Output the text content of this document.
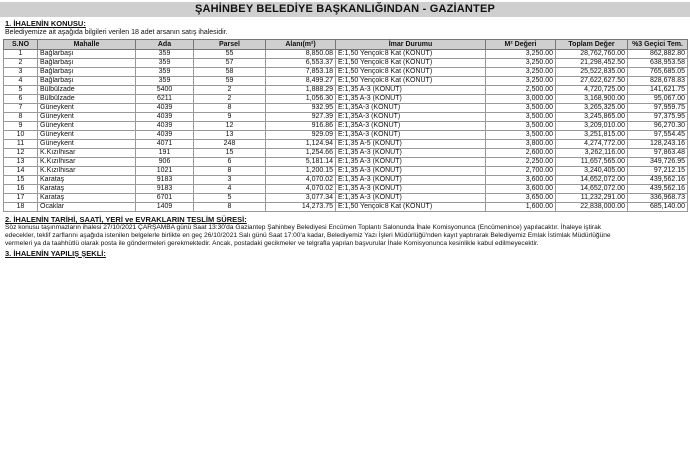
ŞAHİNBEY BELEDİYE BAŞKANLIĞINDAN - GAZİANTEP
1. İHALENİN KONUSU:
Belediyemize ait aşağıda bilgileri verilen 18 adet arsanın satış ihalesidir.
S.NO	Mahalle	Ada	Parsel	Alanı(m²)	İmar Durumu	M² Değeri	Toplam Değer	%3 Geçici Tem.
1	Bağlarbaşı	359	55	8,850.08	E:1,50 Yençok:8 Kat (KONUT)	3,250.00	28,762,760.00	862,882.80
2	Bağlarbaşı	359	57	6,553.37	E:1,50 Yençok:8 Kat (KONUT)	3,250.00	21,298,452.50	638,953.58
3	Bağlarbaşı	359	58	7,853.18	E:1,50 Yençok:8 Kat (KONUT)	3,250.00	25,522,835.00	765,685.05
4	Bağlarbaşı	359	59	8,499.27	E:1,50 Yençok:8 Kat (KONUT)	3,250.00	27,622,627.50	828,678.83
5	Bülbülzade	5400	2	1,888.29	E:1,35 A-3 (KONUT)	2,500.00	4,720,725.00	141,621.75
6	Bülbülzade	6211	2	1,056.30	E:1,35 A-3 (KONUT)	3,000.00	3,168,900.00	95,067.00
7	Güneykent	4039	8	932.95	E:1,35A-3 (KONUT)	3,500.00	3,265,325.00	97,959.75
8	Güneykent	4039	9	927.39	E:1,35A-3 (KONUT)	3,500.00	3,245,865.00	97,375.95
9	Güneykent	4039	12	916.86	E:1,35A-3 (KONUT)	3,500.00	3,209,010.00	96,270.30
10	Güneykent	4039	13	929.09	E:1,35A-3 (KONUT)	3,500.00	3,251,815.00	97,554.45
11	Güneykent	4071	248	1,124.94	E:1,35 A-5 (KONUT)	3,800.00	4,274,772.00	128,243.16
12	K.Kızılhisar	191	15	1,254.66	E:1,35 A-3 (KONUT)	2,600.00	3,262,116.00	97,863.48
13	K.Kızılhisar	906	6	5,181.14	E:1,35 A-3 (KONUT)	2,250.00	11,657,565.00	349,726.95
14	K.Kızılhisar	1021	8	1,200.15	E:1,35 A-3 (KONUT)	2,700.00	3,240,405.00	97,212.15
15	Karataş	9183	3	4,070.02	E:1,35 A-3 (KONUT)	3,600.00	14,652,072.00	439,562.16
16	Karataş	9183	4	4,070.02	E:1,35 A-3 (KONUT)	3,600.00	14,652,072.00	439,562.16
17	Karataş	6701	5	3,077.34	E:1,35 A-3 (KONUT)	3,650.00	11,232,291.00	336,968.73
18	Ocaklar	1409	8	14,273.75	E:1,50 Yençok:8 Kat (KONUT)	1,600.00	22,838,000.00	685,140.00
2. İHALENİN TARİHİ, SAATİ, YERİ ve EVRAKLARIN TESLİM SÜRESİ:
Söz konusu taşınmazların ihalesi 27/10/2021 ÇARŞAMBA günü Saat 13:30'da Gaziantep Şahinbey Belediyesi Encümen Toplantı Salonunda İhale Komisyonunca (Encümenince) yapılacaktır. İhaleye iştirak
edecekler, teklif zarflarını aşağıda istenilen belgelerle birlikte en geç 26/10/2021 Salı günü Saat 17:00'a kadar, Belediyemiz Yazı İşleri Müdürlüğü'nden kayıt yaptırarak Belediyemiz Emlak İstimlak Müdürlüğüne
vermeleri ya da taahhütlü olarak posta ile göndermeleri gerekmektedir. Ancak, postadaki gecikmeler ve telgrafla yapılan başvurular İhale Komisyonunca kesinlikle kabul edilmeyecektir.
3. İHALENİN YAPILIŞ ŞEKLİ:
